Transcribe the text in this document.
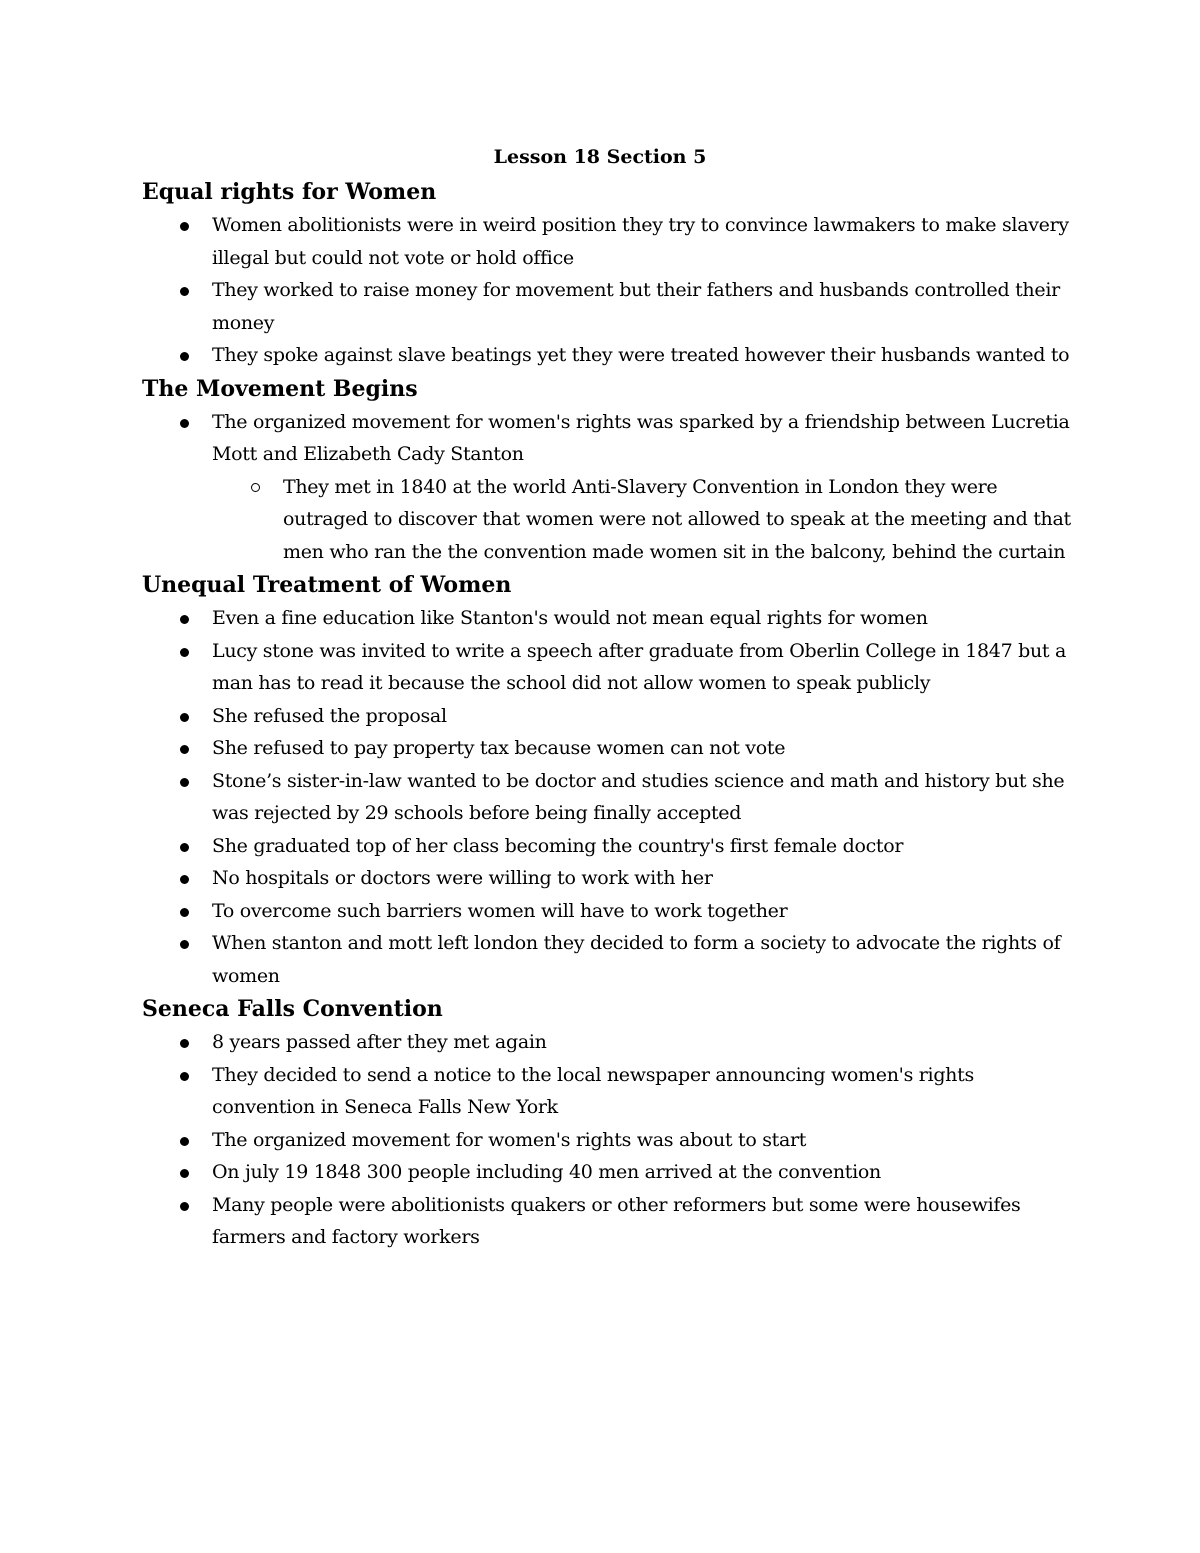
Lesson 18 Section 5
Equal rights for Women
Women abolitionists were in weird position they try to convince lawmakers to make slavery illegal but could not vote or hold office
They worked to raise money for movement but their fathers and husbands controlled their money
They spoke against slave beatings yet they were treated however their husbands wanted to
The Movement Begins
The organized movement for women's rights was sparked by a friendship between Lucretia Mott and Elizabeth Cady Stanton
They met in 1840 at the world Anti-Slavery Convention in London they were outraged to discover that women were not allowed to speak at the meeting and that men who ran the the convention made women sit in the balcony, behind the curtain
Unequal Treatment of Women
Even a fine education like Stanton's would not mean equal rights for women
Lucy stone was invited to write a speech after graduate from Oberlin College in 1847 but a man has to read it because the school did not allow women to speak publicly
She refused the proposal
She refused to pay property tax because women can not vote
Stone’s sister-in-law wanted to be doctor and studies science and math and history but she was rejected by 29 schools before being finally accepted
She graduated top of her class becoming the country's first female doctor
No hospitals or doctors were willing to work with her
To overcome such barriers women will have to work together
When stanton and mott left london they decided to form a society to advocate the rights of women
Seneca Falls Convention
8 years passed after they met again
They decided to send a notice to the local newspaper announcing women's rights convention in Seneca Falls New York
The organized movement for women's rights was about to start
On july 19 1848 300 people including 40 men arrived at the convention
Many people were abolitionists quakers or other reformers but some were housewifes farmers and factory workers
